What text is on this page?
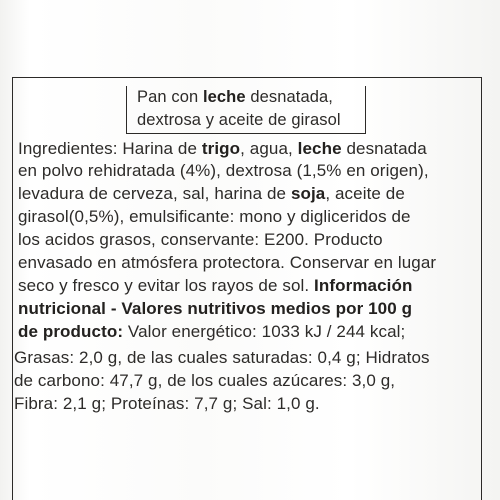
Pan con leche desnatada,
dextrosa y aceite de girasol
Ingredientes: Harina de trigo, agua, leche desnatada
en polvo rehidratada (4%), dextrosa (1,5% en origen),
levadura de cerveza, sal, harina de soja, aceite de
girasol(0,5%), emulsificante: mono y digliceridos de
los acidos grasos, conservante: E200. Producto
envasado en atmósfera protectora. Conservar en lugar
seco y fresco y evitar los rayos de sol. Información
nutricional - Valores nutritivos medios por 100 g
de producto: Valor energético: 1033 kJ / 244 kcal;
Grasas: 2,0 g, de las cuales saturadas: 0,4 g; Hidratos
de carbono: 47,7 g, de los cuales azúcares: 3,0 g,
Fibra: 2,1 g; Proteínas: 7,7 g; Sal: 1,0 g.
